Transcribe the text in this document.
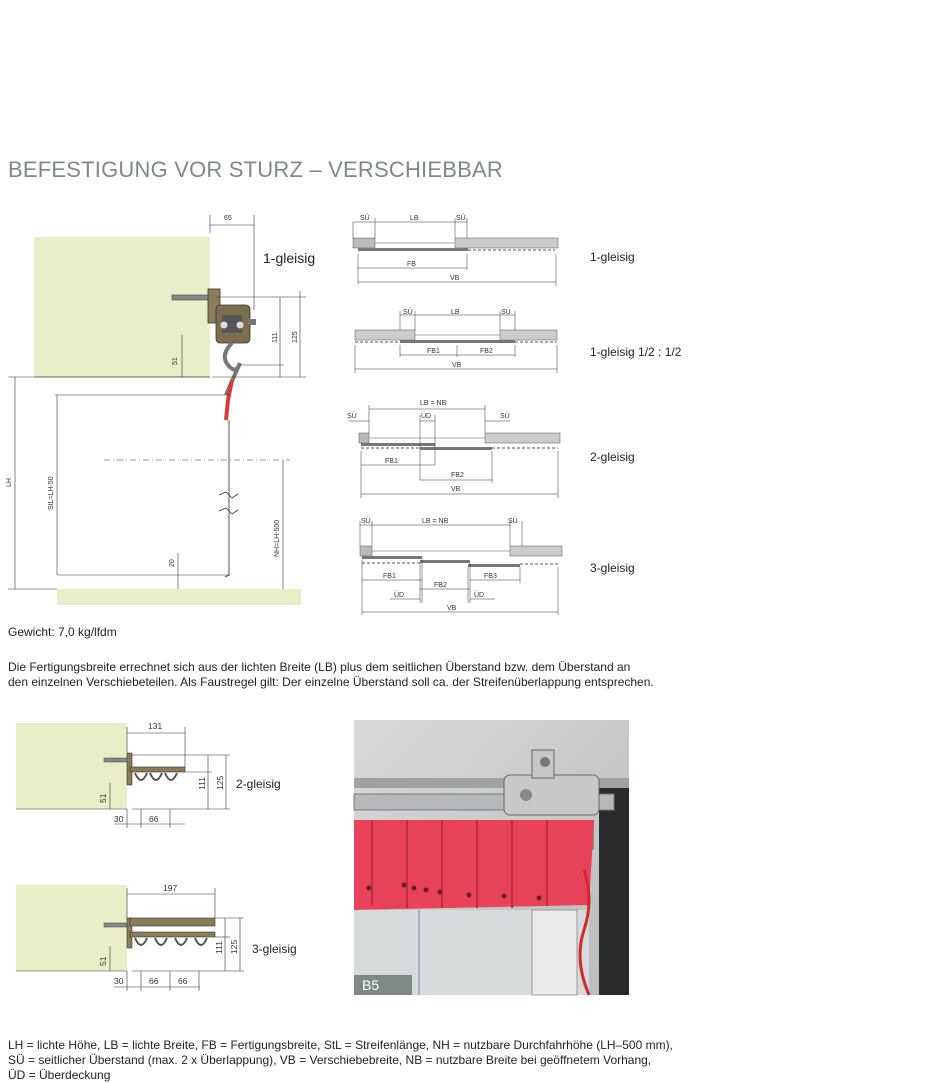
BEFESTIGUNG VOR STURZ – VERSCHIEBBAR
65
111 125
51
LH	StL=LH-50
NH=LH-500
20
1-gleisig
SÜ	LB	SÜ
FB
VB
1-gleisig
SÜ	LB	SÜ
FB1	FB2
VB
1-gleisig 1/2 : 1/2
LB = NB
SÜ	ÜD	SÜ
FB1
FB2
VB
2-gleisig
SÜ	LB = NB	SÜ
FB1
FB2
FB3
ÜD	ÜD
VB
3-gleisig
Gewicht: 7,0 kg/lfdm
Die Fertigungsbreite errechnet sich aus der lichten Breite (LB) plus dem seitlichen Überstand bzw. dem Überstand an
den einzelnen Verschiebeteilen. Als Faustregel gilt: Der einzelne Überstand soll ca. der Streifenüberlappung entsprechen.
131
111 125
51
30	66
2-gleisig
197
111 125
51
30	66 66
3-gleisig
B5
LH = lichte Höhe, LB = lichte Breite, FB = Fertigungsbreite, StL = Streifenlänge, NH = nutzbare Durchfahrhöhe (LH–500 mm),
SÜ = seitlicher Überstand (max. 2 x Überlappung), VB = Verschiebebreite, NB = nutzbare Breite bei geöffnetem Vorhang,
ÜD = Überdeckung
